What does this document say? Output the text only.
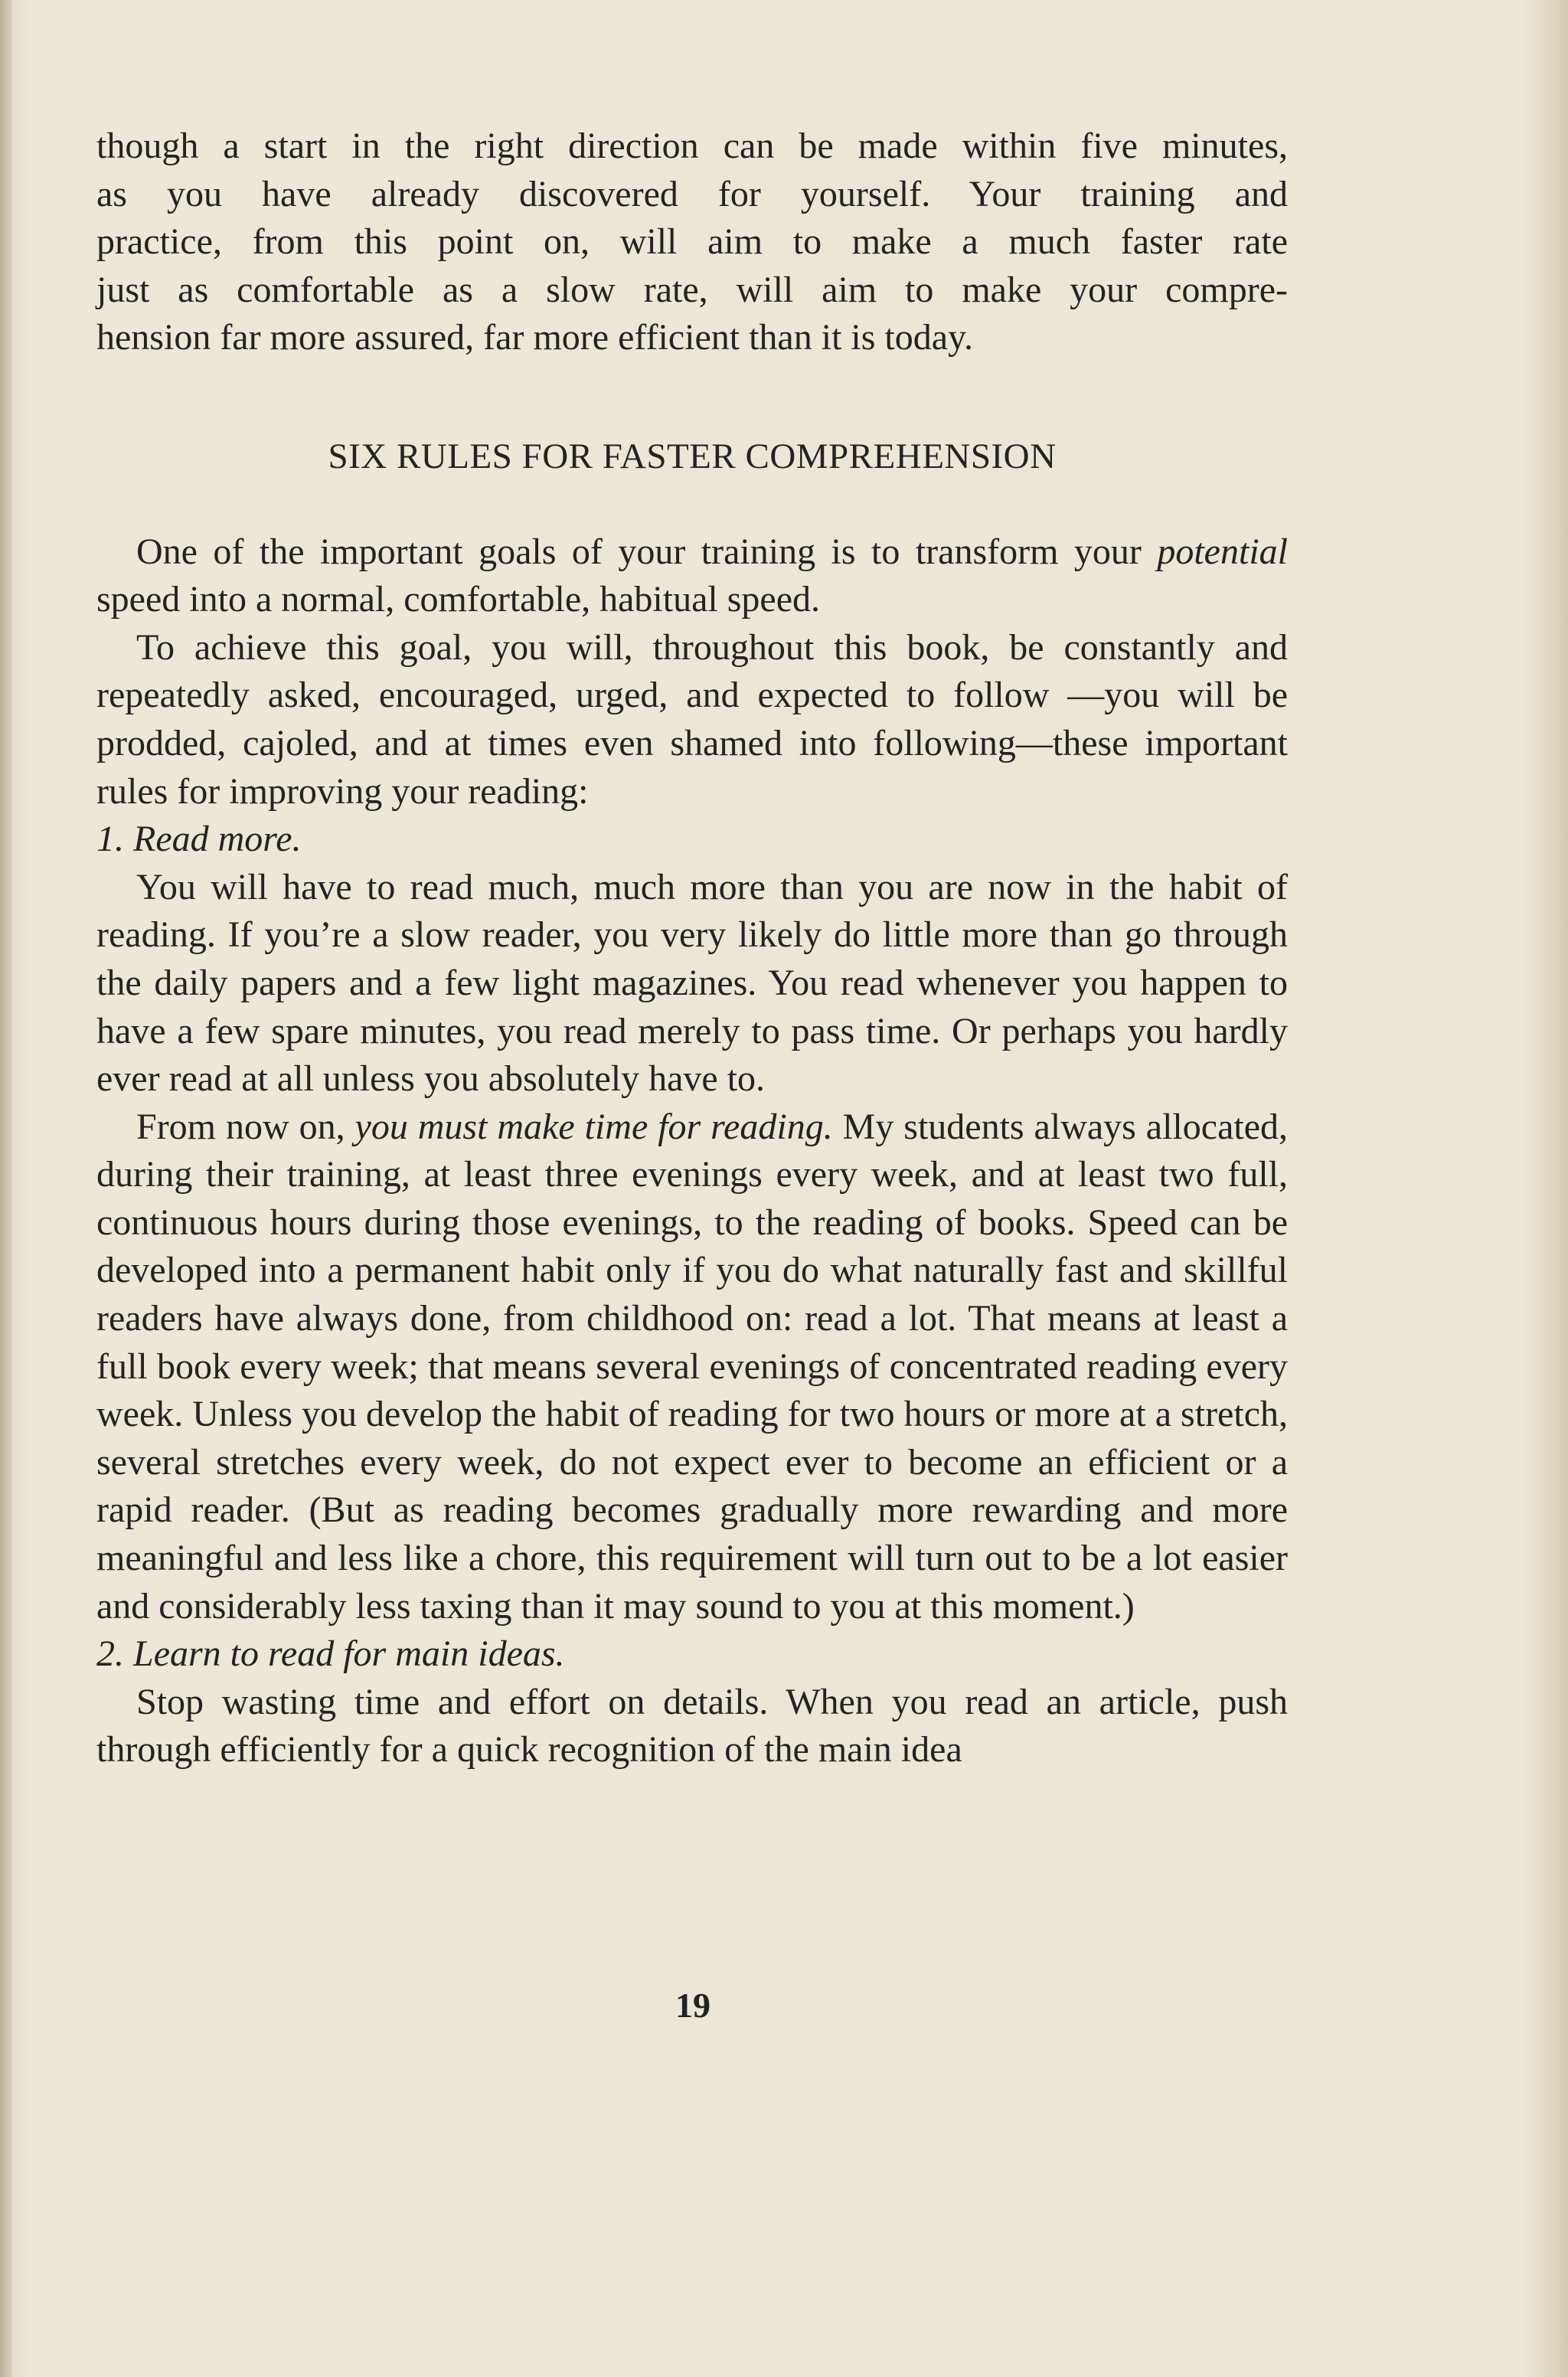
though a start in the right direction can be made within five minutes,

as you have already discovered for yourself. Your training and

practice, from this point on, will aim to make a much faster rate

just as comfortable as a slow rate, will aim to make your compre-

hension far more assured, far more efficient than it is today.

SIX RULES FOR FASTER COMPREHENSION

One of the important goals of your training is to transform your potential speed into a normal, comfortable, habitual speed.

To achieve this goal, you will, throughout this book, be constantly and repeatedly asked, encouraged, urged, and expected to follow —you will be prodded, cajoled, and at times even shamed into following—these important rules for improving your reading:

1. Read more.

You will have to read much, much more than you are now in the habit of reading. If you’re a slow reader, you very likely do little more than go through the daily papers and a few light magazines. You read whenever you happen to have a few spare minutes, you read merely to pass time. Or perhaps you hardly ever read at all unless you absolutely have to.

From now on, you must make time for reading. My students always allocated, during their training, at least three evenings every week, and at least two full, continuous hours during those evenings, to the reading of books. Speed can be developed into a permanent habit only if you do what naturally fast and skillful readers have always done, from childhood on: read a lot. That means at least a full book every week; that means several evenings of concentrated reading every week. Unless you develop the habit of reading for two hours or more at a stretch, several stretches every week, do not expect ever to become an efficient or a rapid reader. (But as reading becomes gradually more rewarding and more meaningful and less like a chore, this requirement will turn out to be a lot easier and considerably less taxing than it may sound to you at this moment.)

2. Learn to read for main ideas.

Stop wasting time and effort on details. When you read an article, push through efficiently for a quick recognition of the main idea

19
